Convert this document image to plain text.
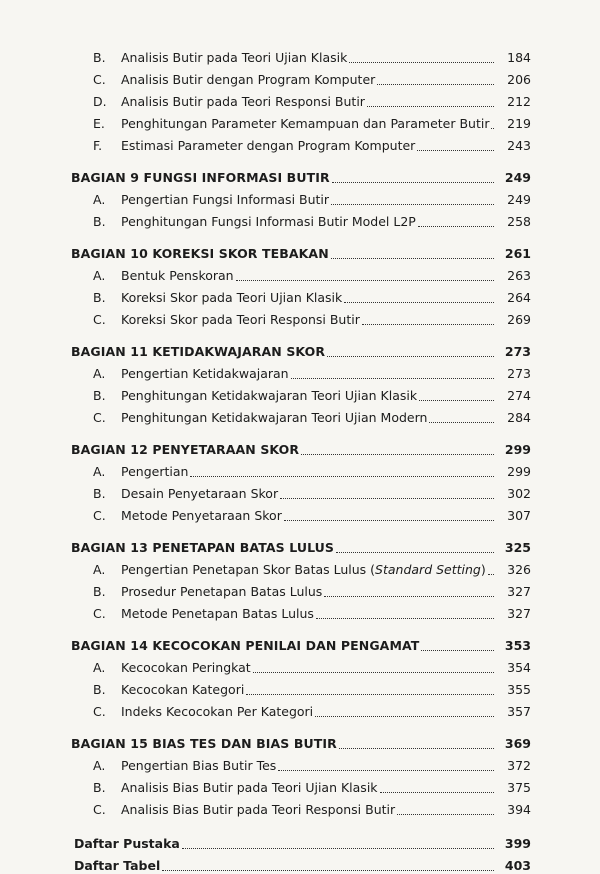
B. Analisis Butir pada Teori Ujian Klasik	184
C. Analisis Butir dengan Program Komputer	206
D. Analisis Butir pada Teori Responsi Butir	212
E. Penghitungan Parameter Kemampuan dan Parameter Butir	219
F. Estimasi Parameter dengan Program Komputer	243
BAGIAN 9 FUNGSI INFORMASI BUTIR	249
A. Pengertian Fungsi Informasi Butir	249
B. Penghitungan Fungsi Informasi Butir Model L2P	258
BAGIAN 10 KOREKSI SKOR TEBAKAN	261
A. Bentuk Penskoran	263
B. Koreksi Skor pada Teori Ujian Klasik	264
C. Koreksi Skor pada Teori Responsi Butir	269
BAGIAN 11 KETIDAKWAJARAN SKOR	273
A. Pengertian Ketidakwajaran	273
B. Penghitungan Ketidakwajaran Teori Ujian Klasik	274
C. Penghitungan Ketidakwajaran Teori Ujian Modern	284
BAGIAN 12 PENYETARAAN SKOR	299
A. Pengertian	299
B. Desain Penyetaraan Skor	302
C. Metode Penyetaraan Skor	307
BAGIAN 13 PENETAPAN BATAS LULUS	325
A. Pengertian Penetapan Skor Batas Lulus (Standard Setting)	326
B. Prosedur Penetapan Batas Lulus	327
C. Metode Penetapan Batas Lulus	327
BAGIAN 14 KECOCOKAN PENILAI DAN PENGAMAT	353
A. Kecocokan Peringkat	354
B. Kecocokan Kategori	355
C. Indeks Kecocokan Per Kategori	357
BAGIAN 15 BIAS TES DAN BIAS BUTIR	369
A. Pengertian Bias Butir Tes	372
B. Analisis Bias Butir pada Teori Ujian Klasik	375
C. Analisis Bias Butir pada Teori Responsi Butir	394
Daftar Pustaka	399
Daftar Tabel	403
